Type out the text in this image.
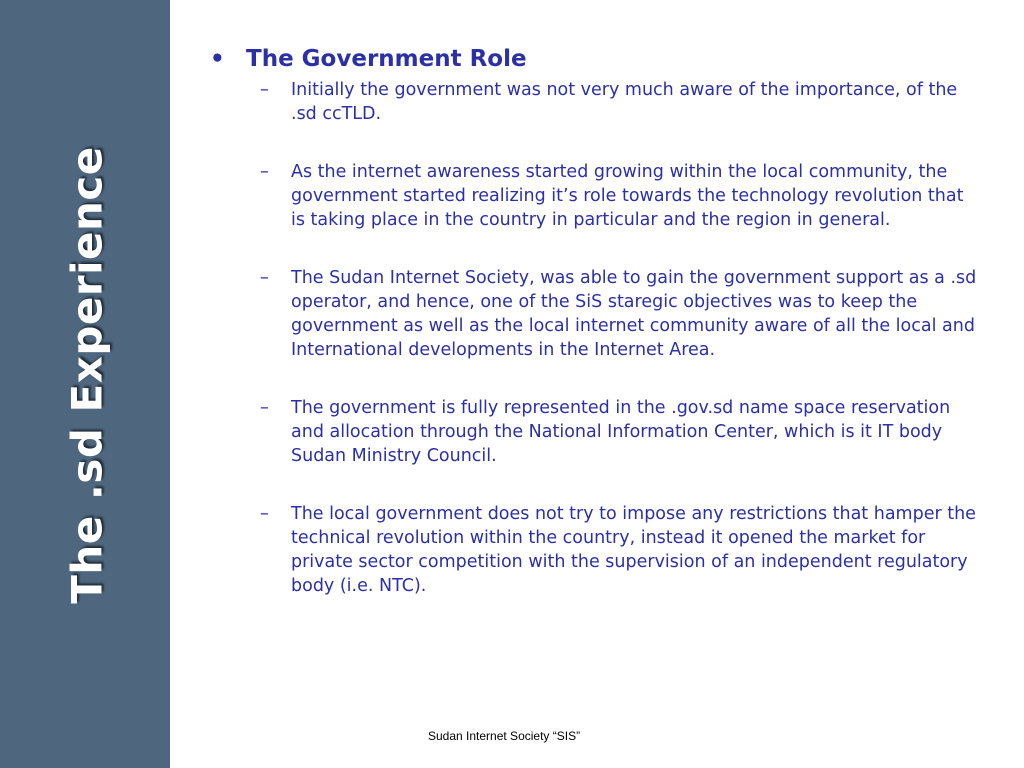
The .sd Experience
• The Government Role
– Initially the government was not very much aware of the importance, of the .sd ccTLD.
– As the internet awareness started growing within the local community, the government started realizing it’s role towards the technology revolution that is taking place in the country in particular and the region in general.
– The Sudan Internet Society, was able to gain the government support as a .sd operator, and hence, one of the SiS staregic objectives was to keep the government as well as the local internet community aware of all the local and International developments in the Internet Area.
– The government is fully represented in the .gov.sd name space reservation and allocation through the National Information Center, which is it IT body Sudan Ministry Council.
– The local government does not try to impose any restrictions that hamper the technical revolution within the country, instead it opened the market for private sector competition with the supervision of an independent regulatory body (i.e. NTC).
Sudan Internet Society “SIS”
